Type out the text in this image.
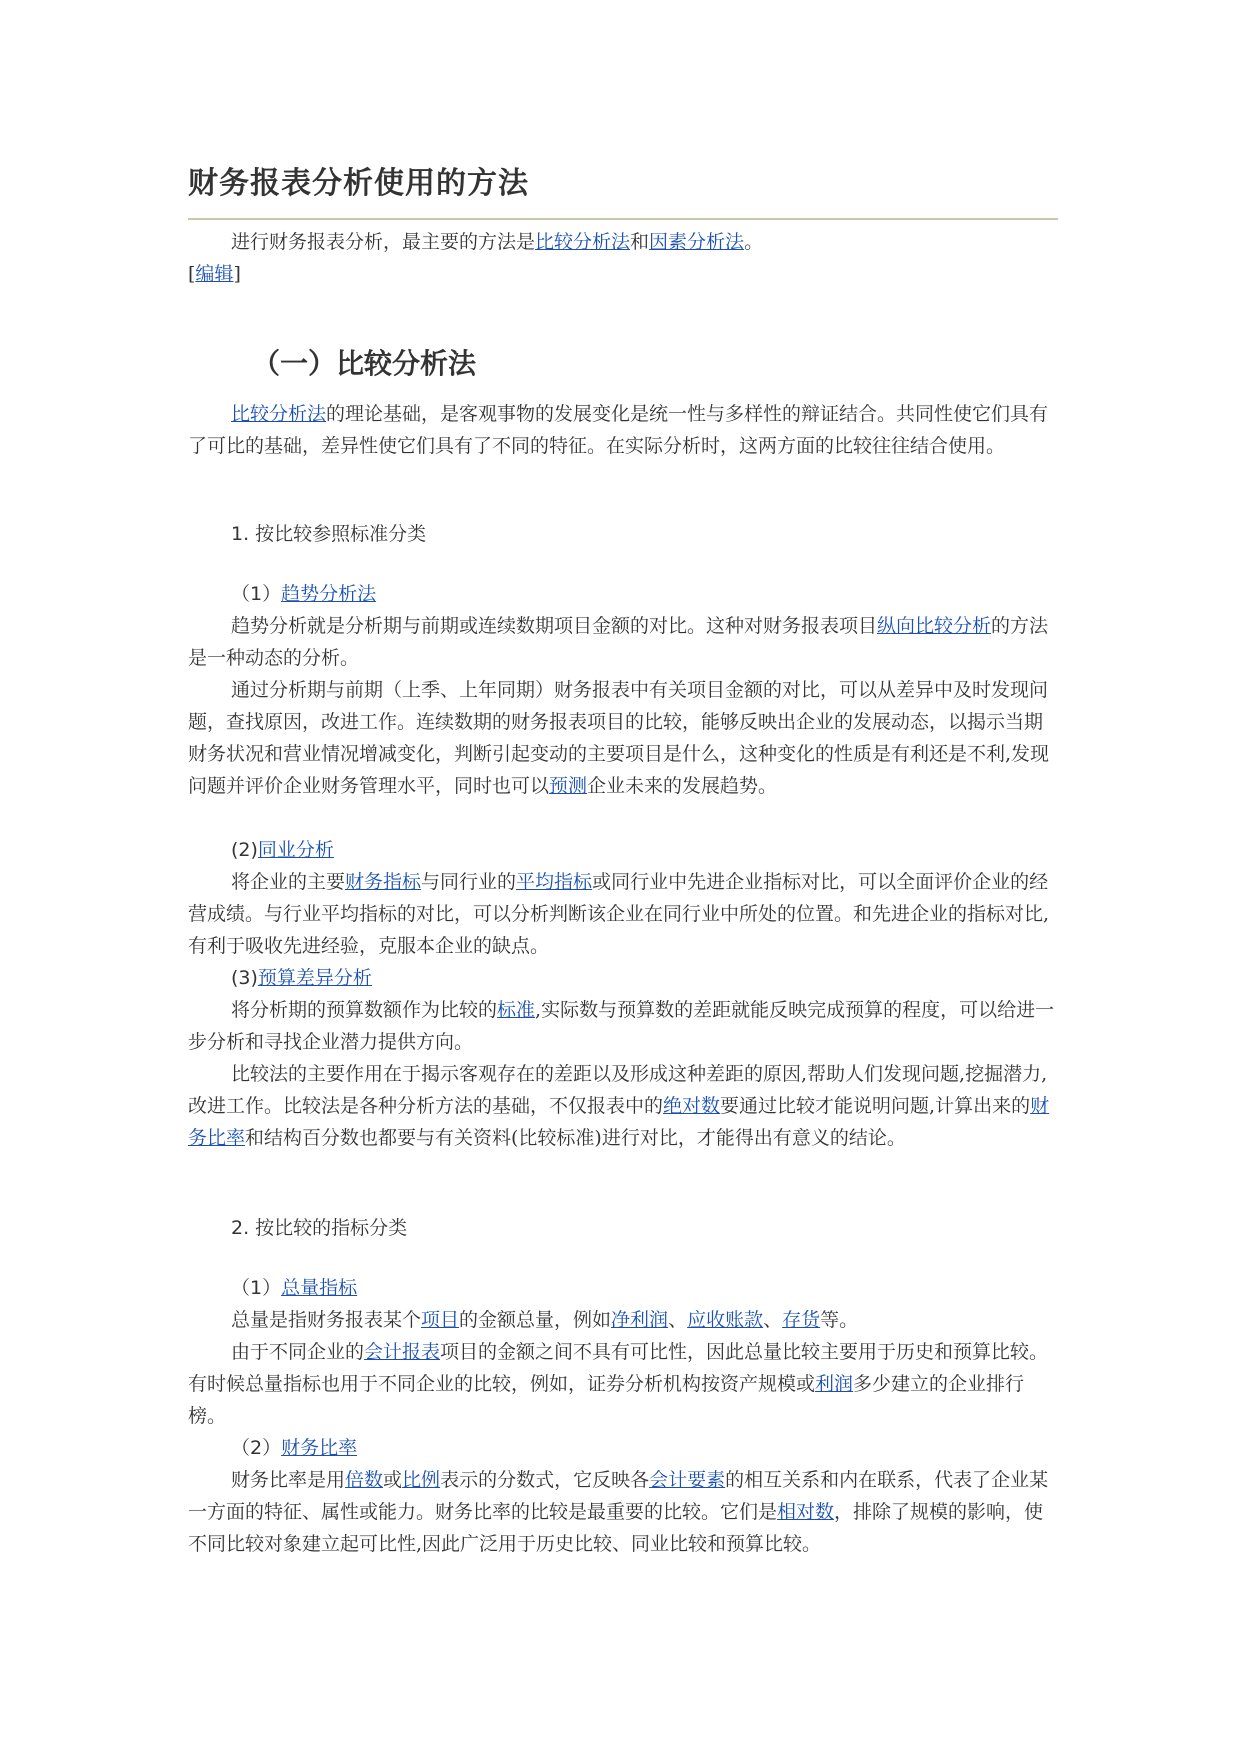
财务报表分析使用的方法

进行财务报表分析，最主要的方法是比较分析法和因素分析法。

[编辑]

（一）比较分析法

比较分析法的理论基础，是客观事物的发展变化是统一性与多样性的辩证结合。共同性使它们具有了可比的基础，差异性使它们具有了不同的特征。在实际分析时，这两方面的比较往往结合使用。

1. 按比较参照标准分类

（1）趋势分析法

趋势分析就是分析期与前期或连续数期项目金额的对比。这种对财务报表项目纵向比较分析的方法是一种动态的分析。

通过分析期与前期（上季、上年同期）财务报表中有关项目金额的对比，可以从差异中及时发现问题，查找原因，改进工作。连续数期的财务报表项目的比较，能够反映出企业的发展动态，以揭示当期财务状况和营业情况增减变化，判断引起变动的主要项目是什么，这种变化的性质是有利还是不利,发现问题并评价企业财务管理水平，同时也可以预测企业未来的发展趋势。

(2)同业分析

将企业的主要财务指标与同行业的平均指标或同行业中先进企业指标对比，可以全面评价企业的经营成绩。与行业平均指标的对比，可以分析判断该企业在同行业中所处的位置。和先进企业的指标对比,有利于吸收先进经验，克服本企业的缺点。

(3)预算差异分析

将分析期的预算数额作为比较的标准,实际数与预算数的差距就能反映完成预算的程度，可以给进一步分析和寻找企业潜力提供方向。

比较法的主要作用在于揭示客观存在的差距以及形成这种差距的原因,帮助人们发现问题,挖掘潜力,改进工作。比较法是各种分析方法的基础，不仅报表中的绝对数要通过比较才能说明问题,计算出来的财务比率和结构百分数也都要与有关资料(比较标准)进行对比，才能得出有意义的结论。

2. 按比较的指标分类

（1）总量指标

总量是指财务报表某个项目的金额总量，例如净利润、应收账款、存货等。

由于不同企业的会计报表项目的金额之间不具有可比性，因此总量比较主要用于历史和预算比较。有时候总量指标也用于不同企业的比较，例如，证券分析机构按资产规模或利润多少建立的企业排行榜。

（2）财务比率

财务比率是用倍数或比例表示的分数式，它反映各会计要素的相互关系和内在联系，代表了企业某一方面的特征、属性或能力。财务比率的比较是最重要的比较。它们是相对数，排除了规模的影响，使不同比较对象建立起可比性,因此广泛用于历史比较、同业比较和预算比较。
